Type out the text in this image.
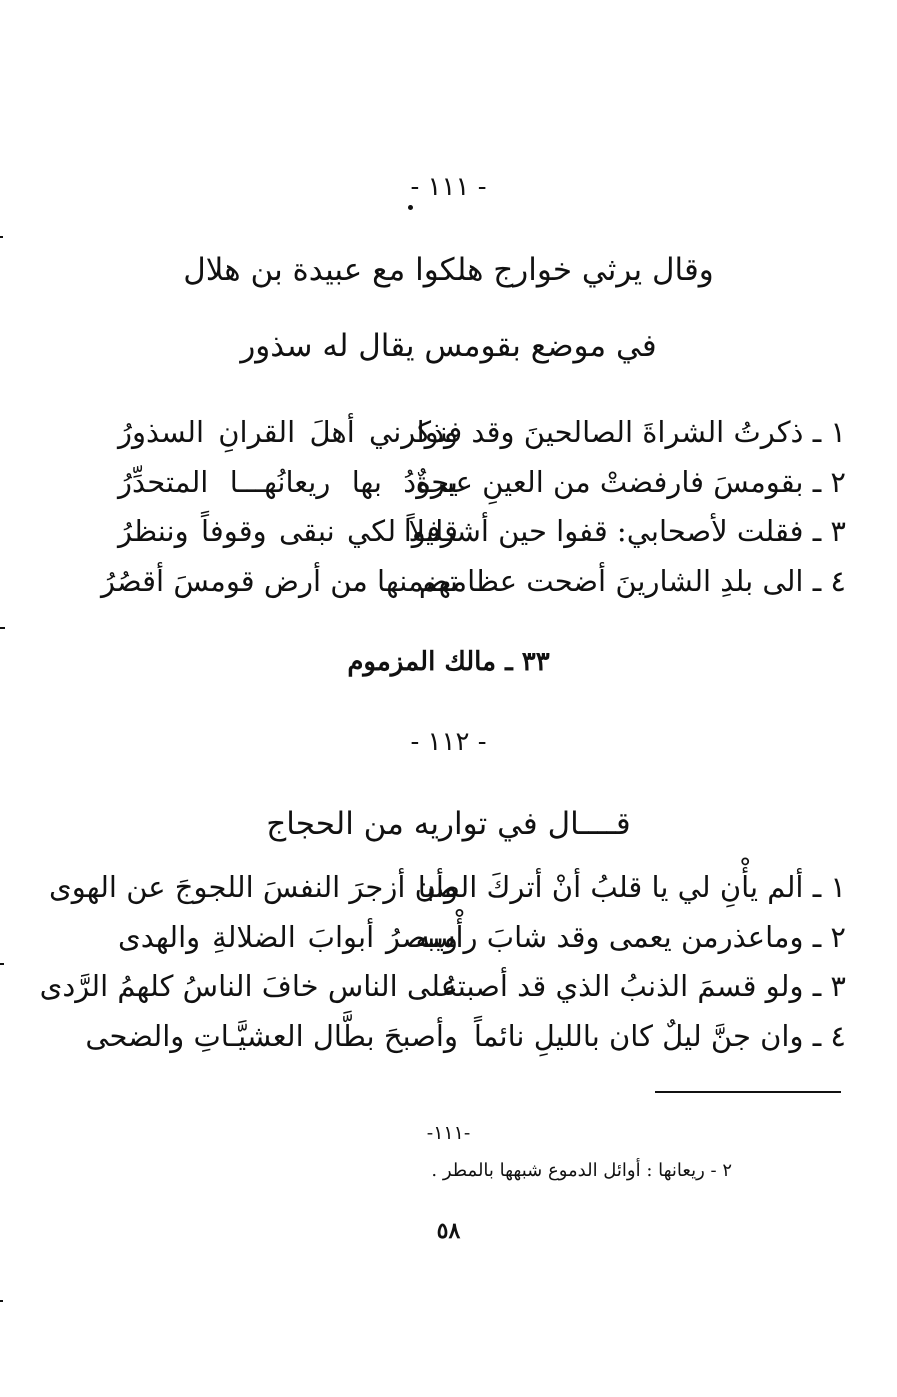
- ١١١ -
وقال يرثي خوارج هلكوا مع عبيدة بن هلال
في موضع بقومس يقال له سذور
١ ـ ذكرتُ الشراةَ الصالحينَ وقد فنوا
وذكرني أهلَ القرانِ السذورُ
٢ ـ بقومسَ فارفضتْ من العينِ عبرةٌ
يجودُ بها ريعانُهـــا المتحدِّرُ
٣ ـ فقلت لأصحابي: قفوا حين أشرفوا
قليلاً لكي نبقى وقوفاً وننظرُ
٤ ـ الى بلدِ الشارينَ أضحت عظامهم
تضمنها من أرض قومسَ أقصُرُ
٣٣ ـ مالك المزموم
- ١١٢ -
قــــال في تواريه من الحجاج
١ ـ ألم يأْنِ لي يا قلبُ أنْ أتركَ الصبا
وأن أزجرَ النفسَ اللجوجَ عن الهوى
٢ ـ وماعذرمن يعمى وقد شابَ رأْسه
ويبصرُ أبوابَ الضلالةِ والهدى
٣ ـ ولو قسمَ الذنبُ الذي قد أصبتهُ
على الناس خافَ الناسُ كلهمُ الرَّدى
٤ ـ وان جنَّ ليلٌ كان بالليلِ نائماً
وأصبحَ بطَّال العشيَّـاتِ والضحى
-١١١-
٢ - ريعانها : أوائل الدموع شبهها بالمطر .
٥٨
